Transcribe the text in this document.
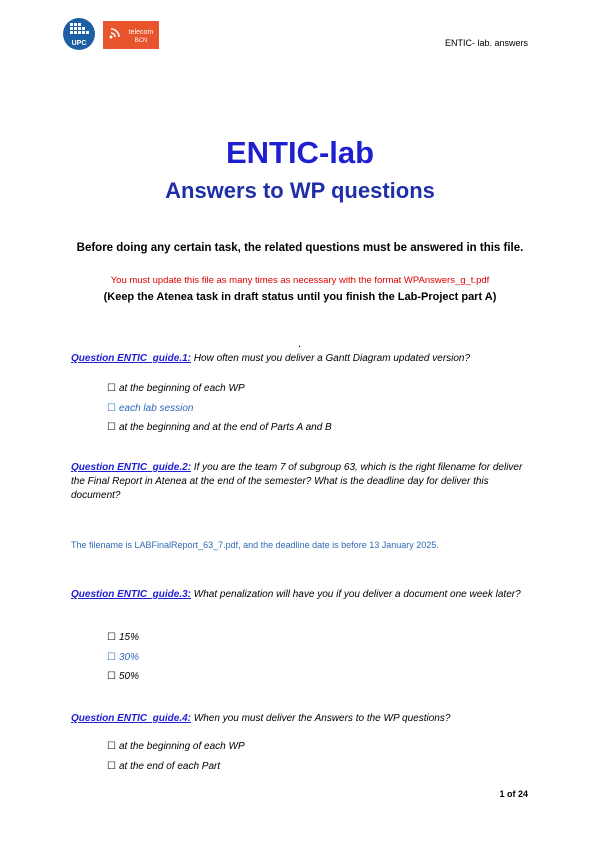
UPC
telecom
BCN	ENTIC- lab. answers
ENTIC-lab
Answers to WP questions
Before doing any certain task, the related questions must be answered in this file.
You must update this file as many times as necessary with the format WPAnswers_g_t.pdf
(Keep the Atenea task in draft status until you finish the Lab-Project part A)
.
Question ENTIC_guide.1: How often must you deliver a Gantt Diagram updated version?
☐ at the beginning of each WP
☐ each lab session
☐ at the beginning and at the end of Parts A and B
Question ENTIC_guide.2: If you are the team 7 of subgroup 63, which is the right filename for deliver the Final Report in Atenea at the end of the semester? What is the deadline day for deliver this document?
The filename is LABFinalReport_63_7.pdf, and the deadline date is before 13 January 2025.
Question ENTIC_guide.3: What penalization will have you if you deliver a document one week later?
☐ 15%
☐ 30%
☐ 50%
Question ENTIC_guide.4: When you must deliver the Answers to the WP questions?
☐ at the beginning of each WP
☐ at the end of each Part
1 of 24
